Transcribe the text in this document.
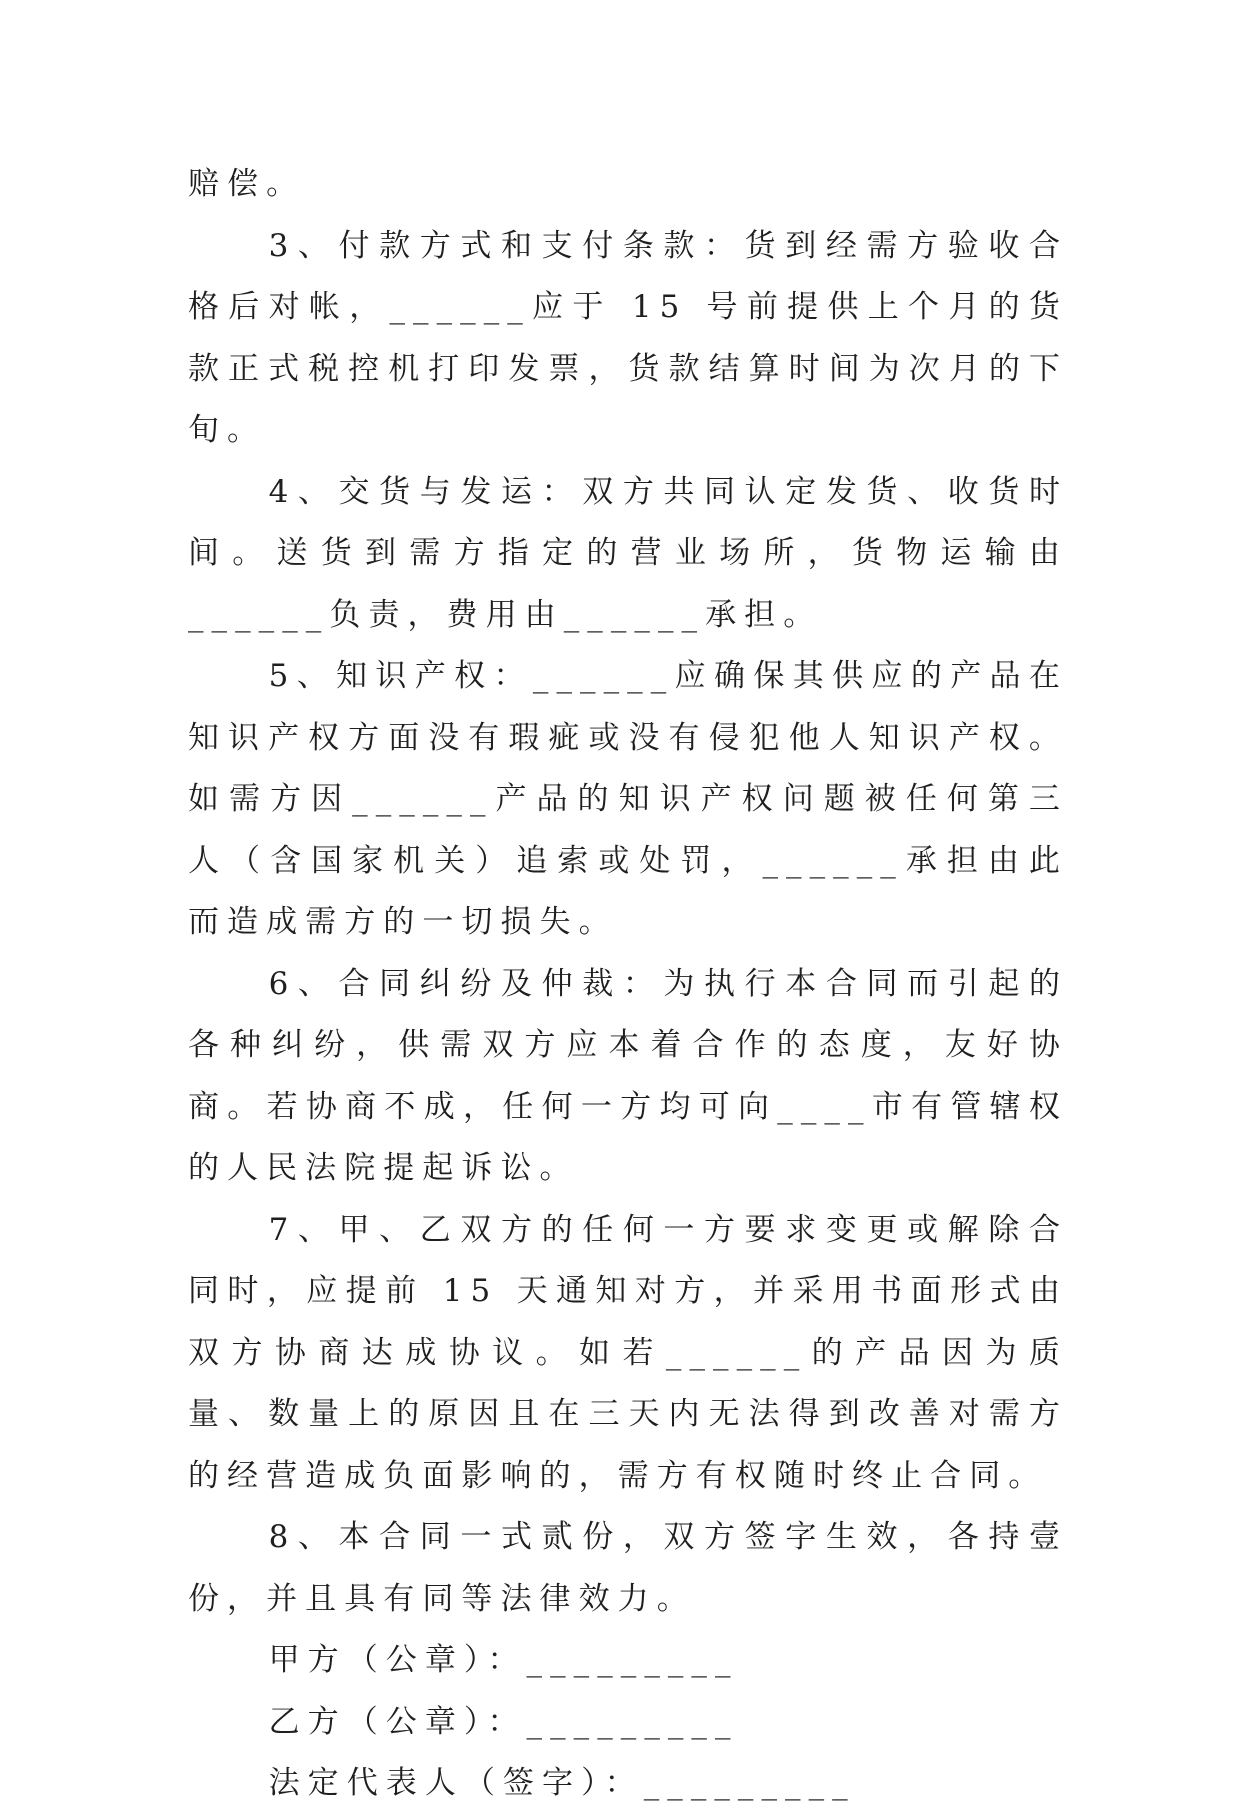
赔偿。

3、付款方式和支付条款：货到经需方验收合格后对帐，______应于 15 号前提供上个月的货款正式税控机打印发票，货款结算时间为次月的下旬。

4、交货与发运：双方共同认定发货、收货时间。送货到需方指定的营业场所，货物运输由______负责，费用由______承担。

5、知识产权：______应确保其供应的产品在知识产权方面没有瑕疵或没有侵犯他人知识产权。如需方因______产品的知识产权问题被任何第三人（含国家机关）追索或处罚，______承担由此而造成需方的一切损失。

6、合同纠纷及仲裁：为执行本合同而引起的各种纠纷，供需双方应本着合作的态度，友好协商。若协商不成，任何一方均可向____市有管辖权的人民法院提起诉讼。

7、甲、乙双方的任何一方要求变更或解除合同时，应提前 15 天通知对方，并采用书面形式由双方协商达成协议。如若______的产品因为质量、数量上的原因且在三天内无法得到改善对需方的经营造成负面影响的，需方有权随时终止合同。

8、本合同一式贰份，双方签字生效，各持壹份，并且具有同等法律效力。

甲方（公章）：_________

乙方（公章）：_________

法定代表人（签字）：_________
